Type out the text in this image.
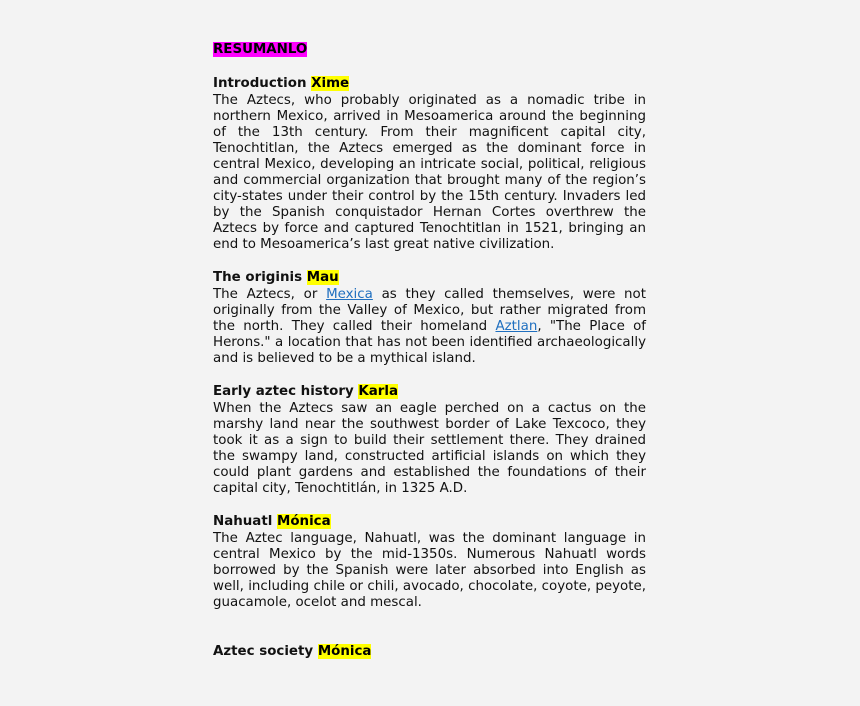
RESUMANLO

Introduction Xime

The Aztecs, who probably originated as a nomadic tribe in northern Mexico, arrived in Mesoamerica around the beginning of the 13th century. From their magnificent capital city, Tenochtitlan, the Aztecs emerged as the dominant force in central Mexico, developing an intricate social, political, religious and commercial organization that brought many of the region’s city-states under their control by the 15th century. Invaders led by the Spanish conquistador Hernan Cortes overthrew the Aztecs by force and captured Tenochtitlan in 1521, bringing an end to Mesoamerica’s last great native civilization.

The originis Mau

The Aztecs, or Mexica as they called themselves, were not originally from the Valley of Mexico, but rather migrated from the north. They called their homeland Aztlan, "The Place of Herons." a location that has not been identified archaeologically and is believed to be a mythical island.

Early aztec history Karla

When the Aztecs saw an eagle perched on a cactus on the marshy land near the southwest border of Lake Texcoco, they took it as a sign to build their settlement there. They drained the swampy land, constructed artificial islands on which they could plant gardens and established the foundations of their capital city, Tenochtitlán, in 1325 A.D.

Nahuatl Mónica

The Aztec language, Nahuatl, was the dominant language in central Mexico by the mid-1350s. Numerous Nahuatl words borrowed by the Spanish were later absorbed into English as well, including chile or chili, avocado, chocolate, coyote, peyote, guacamole, ocelot and mescal.

Aztec society Mónica
